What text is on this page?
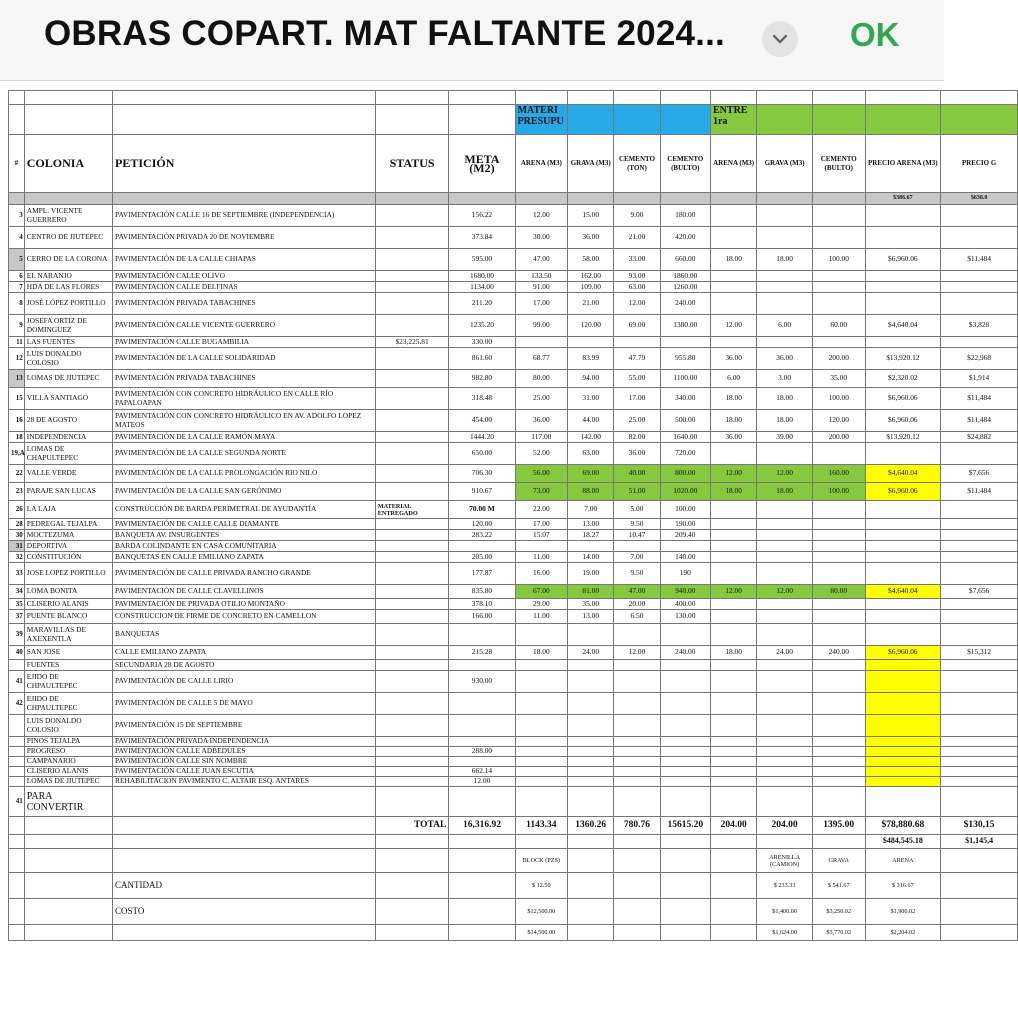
OBRAS COPART. MAT FALTANTE 2024...	OK

					MATERI PRESUPU				ENTRE 1ra				
#	COLONIA	PETICIÓN	STATUS	META (M2)	ARENA (M3)	GRAVA (M3)	CEMENTO (TON)	CEMENTO (BULTO)	ARENA (M3)	GRAVA (M3)	CEMENTO (BULTO)	PRECIO ARENA (M3)	PRECIO G
												$386.67	$638.0
3	AMPL. VICENTE GUERRERO	PAVIMENTACIÓN CALLE 16 DE SEPTIEMBRE (INDEPENDENCIA)		156.22	12.00	15.00	9.00	180.00					
4	CENTRO DE JIUTEPEC	PAVIMENTACIÓN PRIVADA 20 DE NOVIEMBRE		373.84	30.00	36.00	21.00	420.00					
5	CERRO DE LA CORONA	PAVIMENTACIÓN DE LA CALLE CHIAPAS		595.00	47.00	58.00	33.00	660.00	18.00	18.00	100.00	$6,960.06	$11,484
6	EL NARANJO	PAVIMENTACIÓN CALLE OLIVO		1680.00	133.50	162.00	93.00	1860.00					
7	HDA DE LAS FLORES	PAVIMENTACIÓN CALLE DELFINAS		1134.00	91.00	109.00	63.00	1260.00					
8	JOSÉ LÓPEZ PORTILLO	PAVIMENTACIÓN PRIVADA TABACHINES		211.20	17.00	21.00	12.00	240.00					
9	JOSEFA ORTIZ DE DOMINGUEZ	PAVIMENTACIÓN CALLE VICENTE GUERRERO		1235.20	99.00	120.00	69.00	1380.00	12.00	6.00	60.00	$4,640.04	$3,828
11	LAS FUENTES	PAVIMENTACIÓN CALLE BUGAMBILIA	$23,225.81	330.00									
12	LUIS DONALDO COLOSIO	PAVIMENTACIÓN DE LA CALLE SOLIDARIDAD		861.60	68.77	83.99	47.79	955.80	36.00	36.00	200.00	$13,920.12	$22,968
13	LOMAS DE JIUTEPEC	PAVIMENTACIÓN PRIVADA TABACHINES		982.80	80.00	94.00	55.00	1100.00	6.00	3.00	35.00	$2,320.02	$1,914
15	VILLA SANTIAGO	PAVIMENTACIÓN CON CONCRETO HIDRÁULICO EN CALLE RÍO PAPALOAPAN		318.48	25.00	31.00	17.00	340.00	18.00	18.00	100.00	$6,960.06	$11,484
16	28 DE AGOSTO	PAVIMENTACIÓN CON CONCRETO HIDRÁULICO EN AV. ADOLFO LOPEZ MATEOS		454.00	36.00	44.00	25.00	500.00	18.00	18.00	120.00	$6,960.06	$11,484
18	INDEPENDENCIA	PAVIMENTACIÓN DE LA CALLE RAMÓN MAYA		1444.20	117.00	142.00	82.00	1640.00	36.00	39.00	200.00	$13,920.12	$24,882
19,A	LOMAS DE CHAPULTEPEC	PAVIMENTACIÓN DE LA CALLE SEGUNDA NORTE		650.00	52.00	63.00	36.00	720.00					
22	VALLE VERDE	PAVIMENTACIÓN DE LA CALLE PROLONGACIÓN RIO NILO		706.30	56.00	69.00	40.00	800.00	12.00	12.00	160.00	$4,640.04	$7,656
23	PARAJE SAN LUCAS	PAVIMENTACIÓN DE LA CALLE SAN GERÓNIMO		910.67	73.00	88.00	51.00	1020.00	18.00	18.00	100.00	$6,960.06	$11,484
26	LA LAJA	CONSTRUCCIÓN DE BARDA PERIMETRAL DE AYUDANTÍA	MATERIAL ENTREGADO	70.00 M	22.00	7.00	5.00	100.00					
28	PEDREGAL TEJALPA	PAVIMENTACIÓN DE CALLE CALLE DIAMANTE		120.00	17.00	13.00	9.50	190.00					
30	MOCTEZUMA	BANQUETA AV. INSURGENTES		283.22	15.07	18.27	10.47	209.40					
31	DEPORTIVA	BARDA COLINDANTE EN CASA COMUNITARIA											
32	CONSTITUCIÓN	BANQUETAS EN CALLE EMILIANO ZAPATA		205.00	11.00	14.00	7.00	140.00					
33	JOSE LOPEZ PORTILLO	PAVIMENTACIÓN DE CALLE PRIVADA RANCHO GRANDE		177.87	16.00	19.00	9.50	190					
34	LOMA BONITA	PAVIMENTACIÓN DE CALLE CLAVELLINOS		835.80	67.00	81.00	47.00	940.00	12.00	12.00	80.00	$4,640.04	$7,656
35	CLISERIO ALANIS	PAVIMENTACIÓN DE PRIVADA OTILIO MONTAÑO		378.10	29.00	35.00	20.00	400.00					
37	PUENTE BLANCO	CONSTRUCCION DE FIRME DE CONCRETO EN CAMELLON		166.00	11.00	13.00	6.50	130.00					
39	MARAVILLAS DE AXEXENTLA	BANQUETAS											
40	SAN JOSE	CALLE EMILIANO ZAPATA		215.28	18.00	24.00	12.00	240.00	18.00	24.00	240.00	$6,960.06	$15,312
	FUENTES	SECUNDARIA 28 DE AGOSTO											
41	EJIDO DE CHPAULTEPEC	PAVIMENTACIÓN DE CALLE LIRIO		930.00									
42	EJIDO DE CHPAULTEPEC	PAVIMENTACIÓN DE CALLE 5 DE MAYO											
	LUIS DONALDO COLOSIO	PAVIMENTACIÓN 15 DE SEPTIEMBRE											
	PINOS TEJALPA	PAVIMENTACIÓN PRIVADA INDEPENDENCIA											
	PROGRESO	PAVIMENTACIÓN CALLE ADBEDULES		288.00									
	CAMPANARIO	PAVIMENTACIÓN CALLE SIN NOMBRE											
	CLISERIO ALANIS	PAVIMENTACIÓN CALLE JUAN ESCUTIA		662.14									
	LOMAS DE JIUTEPEC	REHABILITACION PAVIMENTO C. ALTAIR ESQ. ANTARES		12.00									
41	PARA CONVERTIR												
			TOTAL	16,316.92	1143.34	1360.26	780.76	15615.20	204.00	204.00	1395.00	$78,880.68	$130,15
												$484,545.18	$1,145,4
					BLOCK (PZS)					ARENILLA (CAMION)	GRAVA	ARENA	
		CANTIDAD			$ 12.50					$ 233.33	$ 541.67	$ 316.67	
		COSTO			$12,500.00					$1,400.00	$3,250.02	$1,900.02	
					$14,500.00					$1,624.00	$3,770.02	$2,204.02	
